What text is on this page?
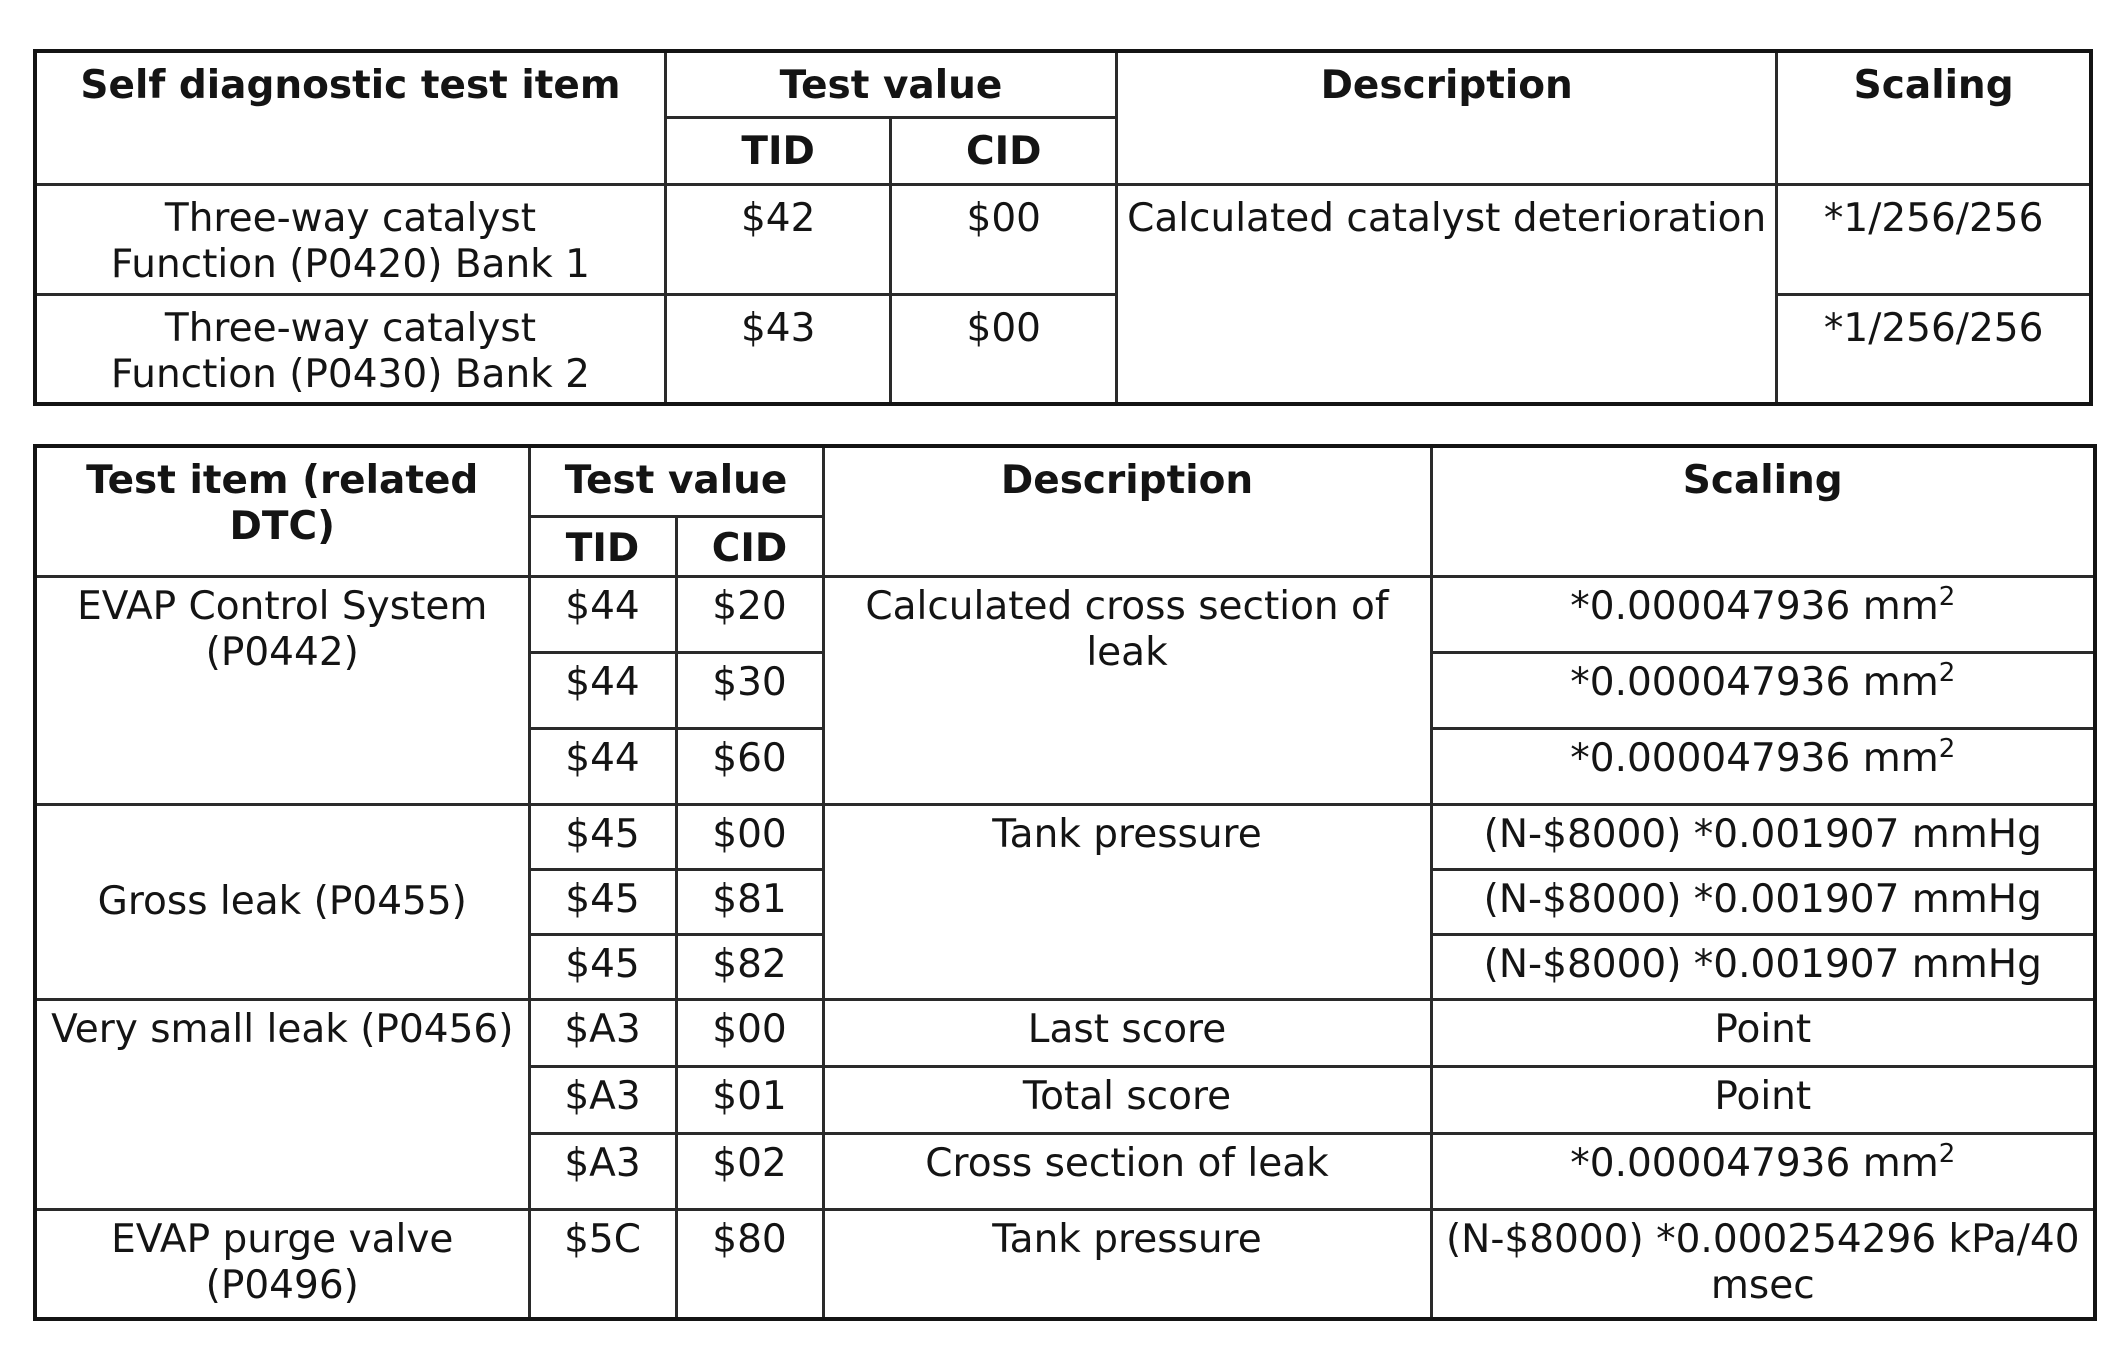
Self diagnostic test item	Test value		Description	Scaling
	TID	CID		

Three-way catalyst
Function (P0420) Bank 1	$42	$00	Calculated catalyst deterioration	*1/256/256

Three-way catalyst
Function (P0430) Bank 2	$43	$00		*1/256/256
Test item (related DTC)	Test value		Description	Scaling
	TID	CID		
EVAP Control System (P0442)	$44	$20	Calculated cross section of leak	*0.000047936 $mm^2$
	$44	$30		*0.000047936 $mm^2$
	$44	$60		*0.000047936 $mm^2$
Gross leak (P0455)	$45	$00	Tank pressure	(N-$8000) *0.001907 mmHg
	$45	$81		(N-$8000) *0.001907 mmHg
	$45	$82		(N-$8000) *0.001907 mmHg
Very small leak (P0456)	$A3	$00	Last score	Point
	$A3	$01	Total score	Point
	$A3	$02	Cross section of leak	*0.000047936 $mm^2$
EVAP purge valve (P0496)	$5C	$80	Tank pressure	(N-$8000) *0.000254296 kPa/40 msec
